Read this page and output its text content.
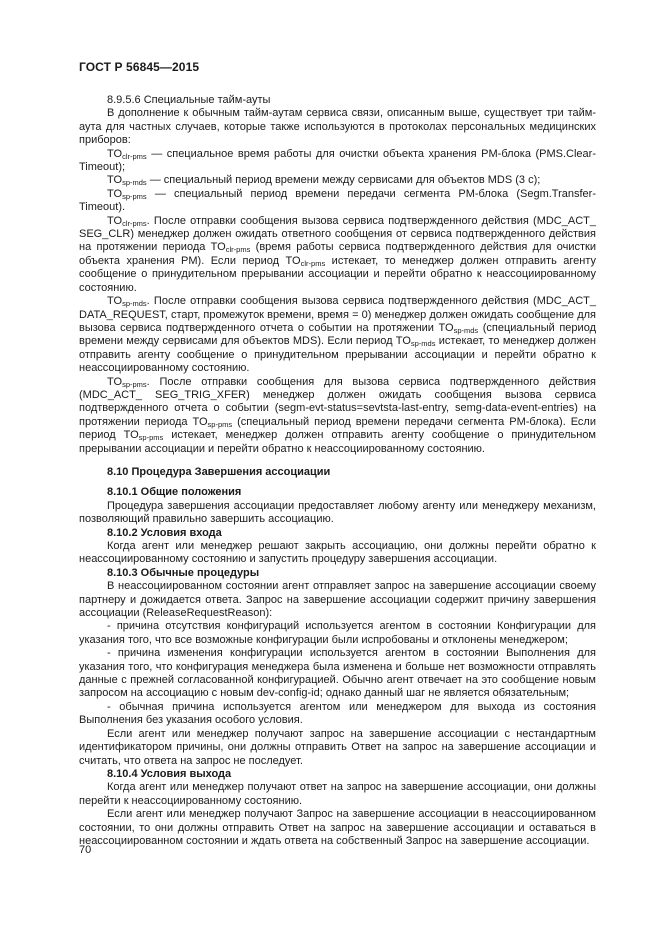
ГОСТ Р 56845—2015
8.9.5.6 Специальные тайм-ауты
В дополнение к обычным тайм-аутам сервиса связи, описанным выше, существует три тайм-аута для частных случаев, которые также используются в протоколах персональных медицинских приборов:
$TO_{clr-pms}$ — специальное время работы для очистки объекта хранения PM-блока (PMS.Clear-Timeout);
$TO_{sp-mds}$ — специальный период времени между сервисами для объектов MDS (3 с);
$TO_{sp-pms}$ — специальный период времени передачи сегмента PM-блока (Segm.Transfer-Timeout).
$TO_{clr-pms}$. После отправки сообщения вызова сервиса подтвержденного действия (MDC_ACT_ SEG_CLR) менеджер должен ожидать ответного сообщения от сервиса подтвержденного действия на протяжении периода $TO_{clr-pms}$ (время работы сервиса подтвержденного действия для очистки объекта хранения PM). Если период $TO_{clr-pms}$ истекает, то менеджер должен отправить агенту сообщение о принудительном прерывании ассоциации и перейти обратно к неассоциированному состоянию.
$TO_{sp-mds}$. После отправки сообщения вызова сервиса подтвержденного действия (MDC_ACT_ DATA_REQUEST, старт, промежуток времени, время = 0) менеджер должен ожидать сообщение для вызова сервиса подтвержденного отчета о событии на протяжении $TO_{sp-mds}$ (специальный период времени между сервисами для объектов MDS). Если период $TO_{sp-mds}$ истекает, то менеджер должен отправить агенту сообщение о принудительном прерывании ассоциации и перейти обратно к неассоциированному состоянию.
$TO_{sp-pms}$. После отправки сообщения для вызова сервиса подтвержденного действия (MDC_ACT_ SEG_TRIG_XFER) менеджер должен ожидать сообщения вызова сервиса подтвержденного отчета о событии (segm-evt-status=sevtsta-last-entry, semg-data-event-entries) на протяжении периода $TO_{sp-pms}$ (специальный период времени передачи сегмента PM-блока). Если период $TO_{sp-pms}$ истекает, менеджер должен отправить агенту сообщение о принудительном прерывании ассоциации и перейти обратно к неассоциированному состоянию.
8.10 Процедура Завершения ассоциации
8.10.1 Общие положения
Процедура завершения ассоциации предоставляет любому агенту или менеджеру механизм, позволяющий правильно завершить ассоциацию.
8.10.2 Условия входа
Когда агент или менеджер решают закрыть ассоциацию, они должны перейти обратно к неассоциированному состоянию и запустить процедуру завершения ассоциации.
8.10.3 Обычные процедуры
В неассоциированном состоянии агент отправляет запрос на завершение ассоциации своему партнеру и дожидается ответа. Запрос на завершение ассоциации содержит причину завершения ассоциации (ReleaseRequestReason):
- причина отсутствия конфигураций используется агентом в состоянии Конфигурации для указания того, что все возможные конфигурации были испробованы и отклонены менеджером;
- причина изменения конфигурации используется агентом в состоянии Выполнения для указания того, что конфигурация менеджера была изменена и больше нет возможности отправлять данные с прежней согласованной конфигурацией. Обычно агент отвечает на это сообщение новым запросом на ассоциацию с новым dev-config-id; однако данный шаг не является обязательным;
- обычная причина используется агентом или менеджером для выхода из состояния Выполнения без указания особого условия.
Если агент или менеджер получают запрос на завершение ассоциации с нестандартным идентификатором причины, они должны отправить Ответ на запрос на завершение ассоциации и считать, что ответа на запрос не последует.
8.10.4 Условия выхода
Когда агент или менеджер получают ответ на запрос на завершение ассоциации, они должны перейти к неассоциированному состоянию.
Если агент или менеджер получают Запрос на завершение ассоциации в неассоциированном состоянии, то они должны отправить Ответ на запрос на завершение ассоциации и оставаться в неассоциированном состоянии и ждать ответа на собственный Запрос на завершение ассоциации.
70
